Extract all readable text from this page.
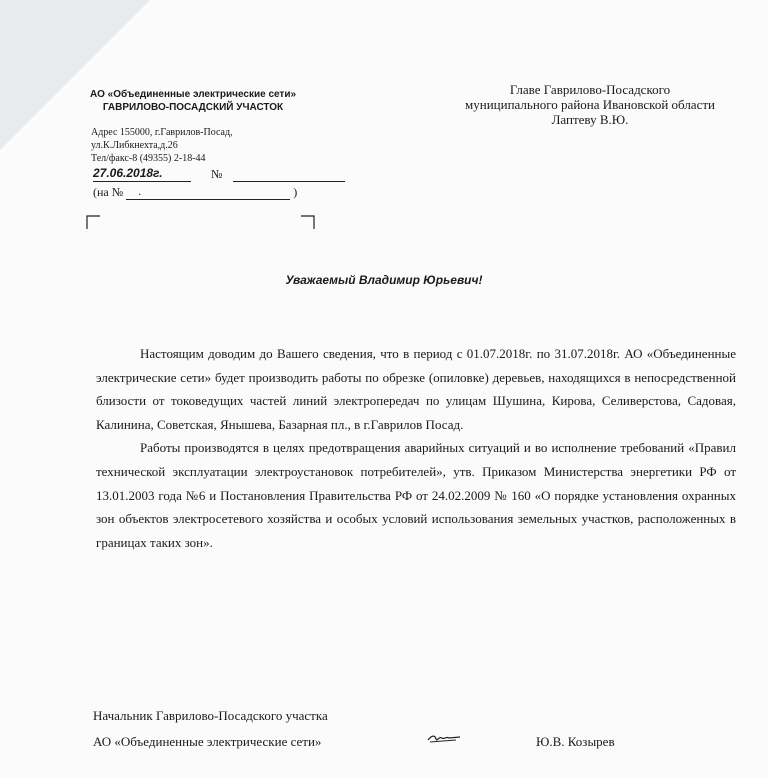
АО «Объединенные электрические сети»
ГАВРИЛОВО-ПОСАДСКИЙ УЧАСТОК
Адрес 155000, г.Гаврилов-Посад,
ул.К.Либкнехта,д.26
Тел/факс-8 (49355) 2-18-44
27.06.2018г.	№
(на № .	)
Главе Гаврилово-Посадского
муниципального района Ивановской области
Лаптеву В.Ю.
Уважаемый Владимир Юрьевич!

Настоящим доводим до Вашего сведения, что в период с 01.07.2018г. по 31.07.2018г. АО «Объединенные электрические сети» будет производить работы по обрезке (опиловке) деревьев, находящихся в непосредственной близости от токоведущих частей линий электропередач по улицам Шушина, Кирова, Селиверстова, Садовая, Калинина, Советская, Янышева, Базарная пл., в г.Гаврилов Посад.

Работы производятся в целях предотвращения аварийных ситуаций и во исполнение требований «Правил технической эксплуатации электроустановок потребителей», утв. Приказом Министерства энергетики РФ от 13.01.2003 года №6 и Постановления Правительства РФ от 24.02.2009 № 160 «О порядке установления охранных зон объектов электросетевого хозяйства и особых условий использования земельных участков, расположенных в границах таких зон».

Начальник Гаврилово-Посадского участка
АО «Объединенные электрические сети»	Ю.В. Козырев
